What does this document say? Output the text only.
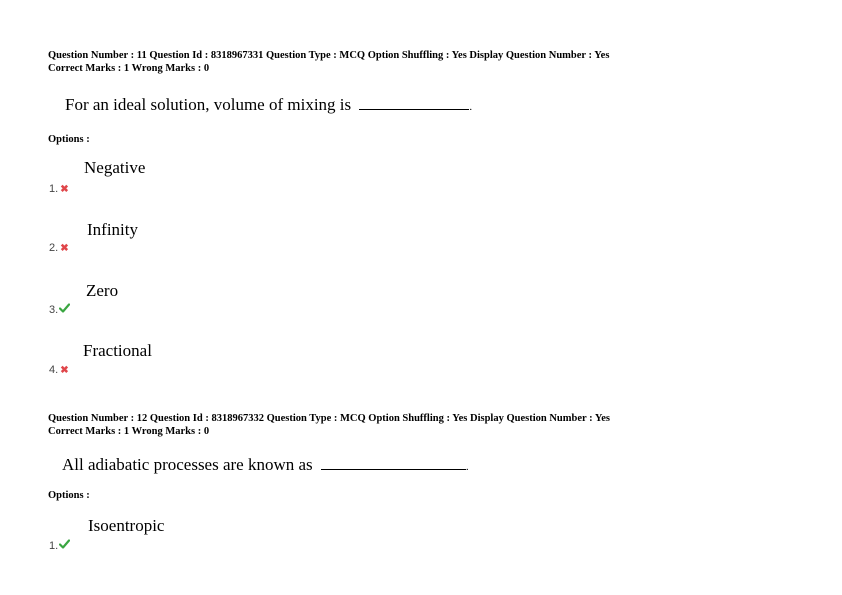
Question Number : 11 Question Id : 8318967331 Question Type : MCQ Option Shuffling : Yes Display Question Number : Yes
Correct Marks : 1 Wrong Marks : 0
For an ideal solution, volume of mixing is	.
Options :
Negative
1. ✖
Infinity
2. ✖
Zero
3.
Fractional
4. ✖
Question Number : 12 Question Id : 8318967332 Question Type : MCQ Option Shuffling : Yes Display Question Number : Yes
Correct Marks : 1 Wrong Marks : 0
All adiabatic processes are known as	.
Options :
Isoentropic
1.
